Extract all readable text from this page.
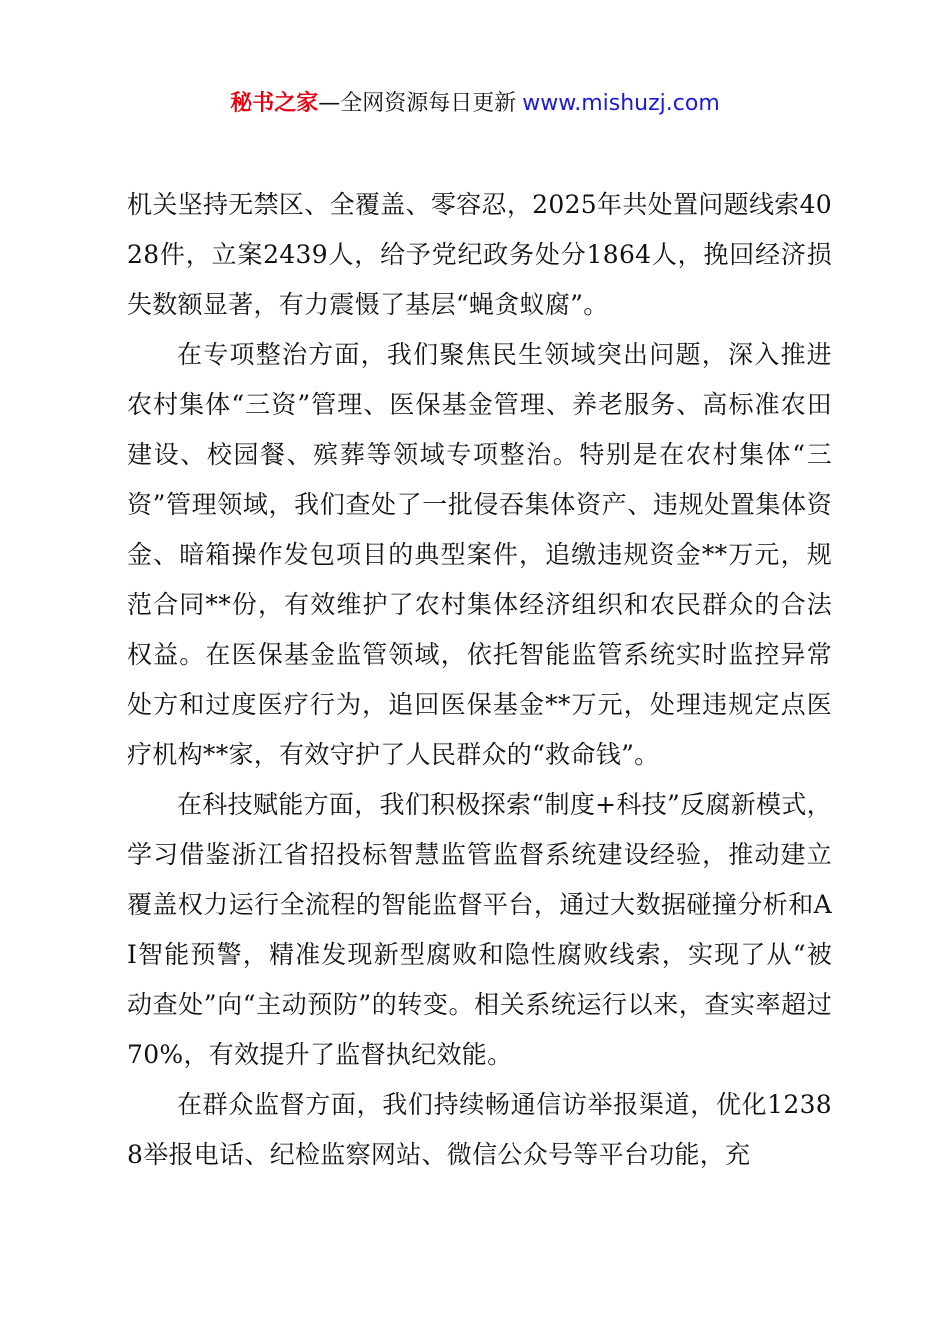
秘书之家—全网资源每日更新 www.mishuzj.com

机关坚持无禁区、全覆盖、零容忍，2025年共处置问题线索4028件，立案2439人，给予党纪政务处分1864人，挽回经济损失数额显著，有力震慑了基层“蝇贪蚁腐”。

在专项整治方面，我们聚焦民生领域突出问题，深入推进农村集体“三资”管理、医保基金管理、养老服务、高标准农田建设、校园餐、殡葬等领域专项整治。特别是在农村集体“三资”管理领域，我们查处了一批侵吞集体资产、违规处置集体资金、暗箱操作发包项目的典型案件，追缴违规资金**万元，规范合同**份，有效维护了农村集体经济组织和农民群众的合法权益。在医保基金监管领域，依托智能监管系统实时监控异常处方和过度医疗行为，追回医保基金**万元，处理违规定点医疗机构**家，有效守护了人民群众的“救命钱”。

在科技赋能方面，我们积极探索“制度+科技”反腐新模式，学习借鉴浙江省招投标智慧监管监督系统建设经验，推动建立覆盖权力运行全流程的智能监督平台，通过大数据碰撞分析和AI智能预警，精准发现新型腐败和隐性腐败线索，实现了从“被动查处”向“主动预防”的转变。相关系统运行以来，查实率超过70%，有效提升了监督执纪效能。

在群众监督方面，我们持续畅通信访举报渠道，优化12388举报电话、纪检监察网站、微信公众号等平台功能，充
